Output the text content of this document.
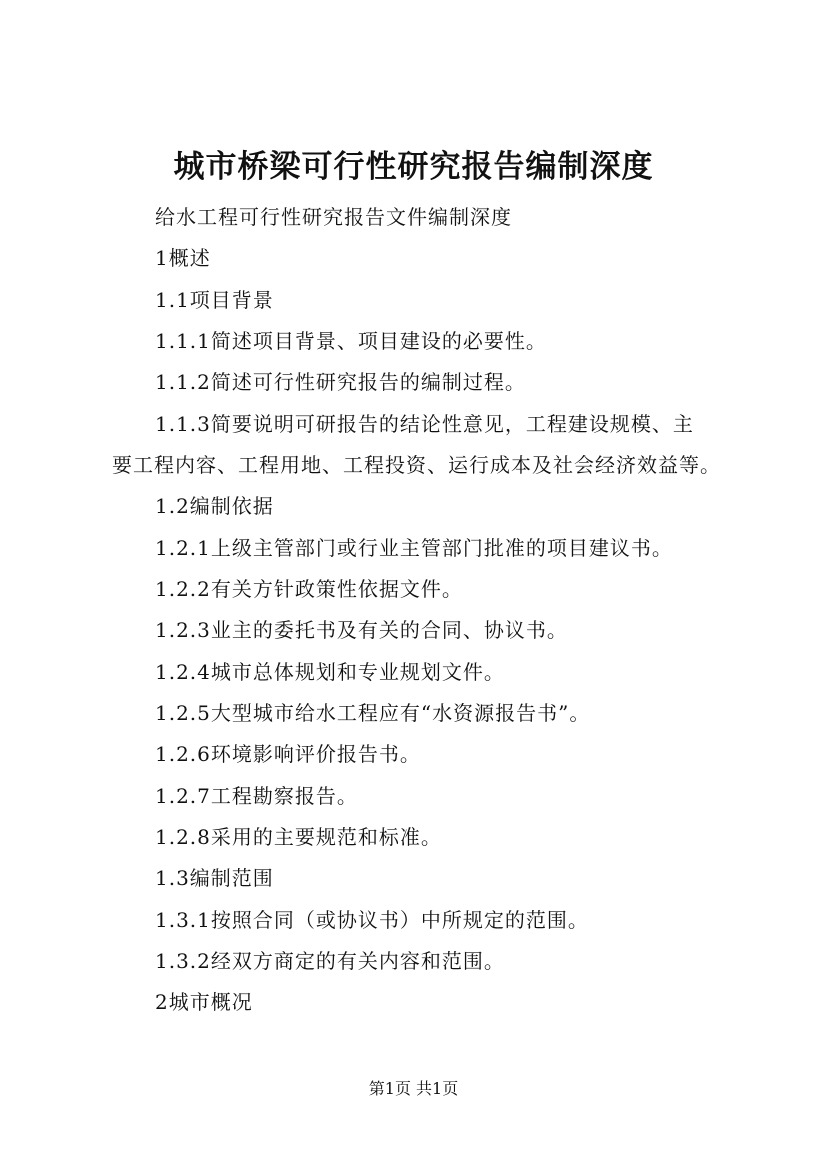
城市桥梁可行性研究报告编制深度
给水工程可行性研究报告文件编制深度
1概述
1.1项目背景
1.1.1简述项目背景、项目建设的必要性。
1.1.2简述可行性研究报告的编制过程。
1.1.3简要说明可研报告的结论性意见，工程建设规模、主
要工程内容、工程用地、工程投资、运行成本及社会经济效益等。
1.2编制依据
1.2.1上级主管部门或行业主管部门批准的项目建议书。
1.2.2有关方针政策性依据文件。
1.2.3业主的委托书及有关的合同、协议书。
1.2.4城市总体规划和专业规划文件。
1.2.5大型城市给水工程应有“水资源报告书”。
1.2.6环境影响评价报告书。
1.2.7工程勘察报告。
1.2.8采用的主要规范和标准。
1.3编制范围
1.3.1按照合同（或协议书）中所规定的范围。
1.3.2经双方商定的有关内容和范围。
2城市概况
第1页 共1页
